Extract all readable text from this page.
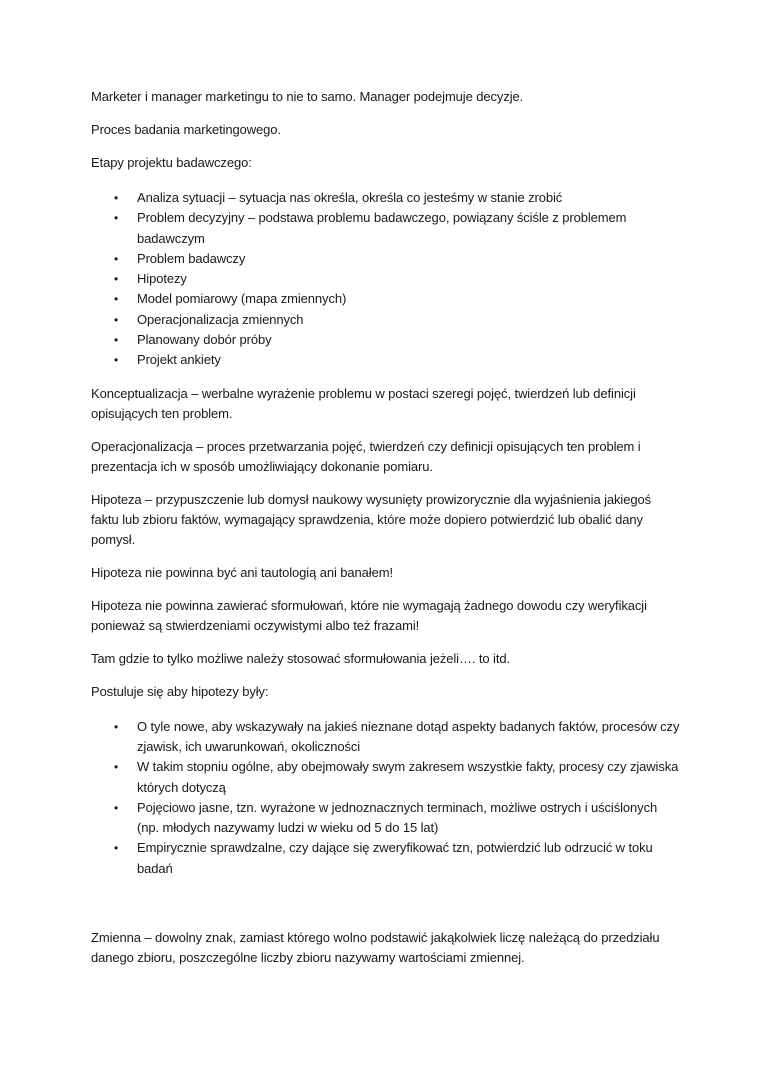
Marketer i manager marketingu to nie to samo. Manager podejmuje decyzje.

Proces badania marketingowego.

Etapy projektu badawczego:

• Analiza sytuacji – sytuacja nas określa, określa co jesteśmy w stanie zrobić
• Problem decyzyjny – podstawa problemu badawczego, powiązany ściśle z problemem badawczym
• Problem badawczy
• Hipotezy
• Model pomiarowy (mapa zmiennych)
• Operacjonalizacja zmiennych
• Planowany dobór próby
• Projekt ankiety

Konceptualizacja – werbalne wyrażenie problemu w postaci szeregi pojęć, twierdzeń lub definicji opisujących ten problem.

Operacjonalizacja – proces przetwarzania pojęć, twierdzeń czy definicji opisujących ten problem i prezentacja ich w sposób umożliwiający dokonanie pomiaru.

Hipoteza – przypuszczenie lub domysł naukowy wysunięty prowizorycznie dla wyjaśnienia jakiegoś faktu lub zbioru faktów, wymagający sprawdzenia, które może dopiero potwierdzić lub obalić dany pomysł.

Hipoteza nie powinna być ani tautologią ani banałem!

Hipoteza nie powinna zawierać sformułowań, które nie wymagają żadnego dowodu czy weryfikacji ponieważ są stwierdzeniami oczywistymi albo też frazami!

Tam gdzie to tylko możliwe należy stosować sformułowania jeżeli…. to itd.

Postuluje się aby hipotezy były:

• O tyle nowe, aby wskazywały na jakieś nieznane dotąd aspekty badanych faktów, procesów czy zjawisk, ich uwarunkowań, okoliczności
• W takim stopniu ogólne, aby obejmowały swym zakresem wszystkie fakty, procesy czy zjawiska których dotyczą
• Pojęciowo jasne, tzn. wyrażone w jednoznacznych terminach, możliwe ostrych i uściślonych (np. młodych nazywamy ludzi w wieku od 5 do 15 lat)
• Empirycznie sprawdzalne, czy dające się zweryfikować tzn, potwierdzić lub odrzucić w toku badań

Zmienna – dowolny znak, zamiast którego wolno podstawić jakąkolwiek liczę należącą do przedziału danego zbioru, poszczególne liczby zbioru nazywamy wartościami zmiennej.
